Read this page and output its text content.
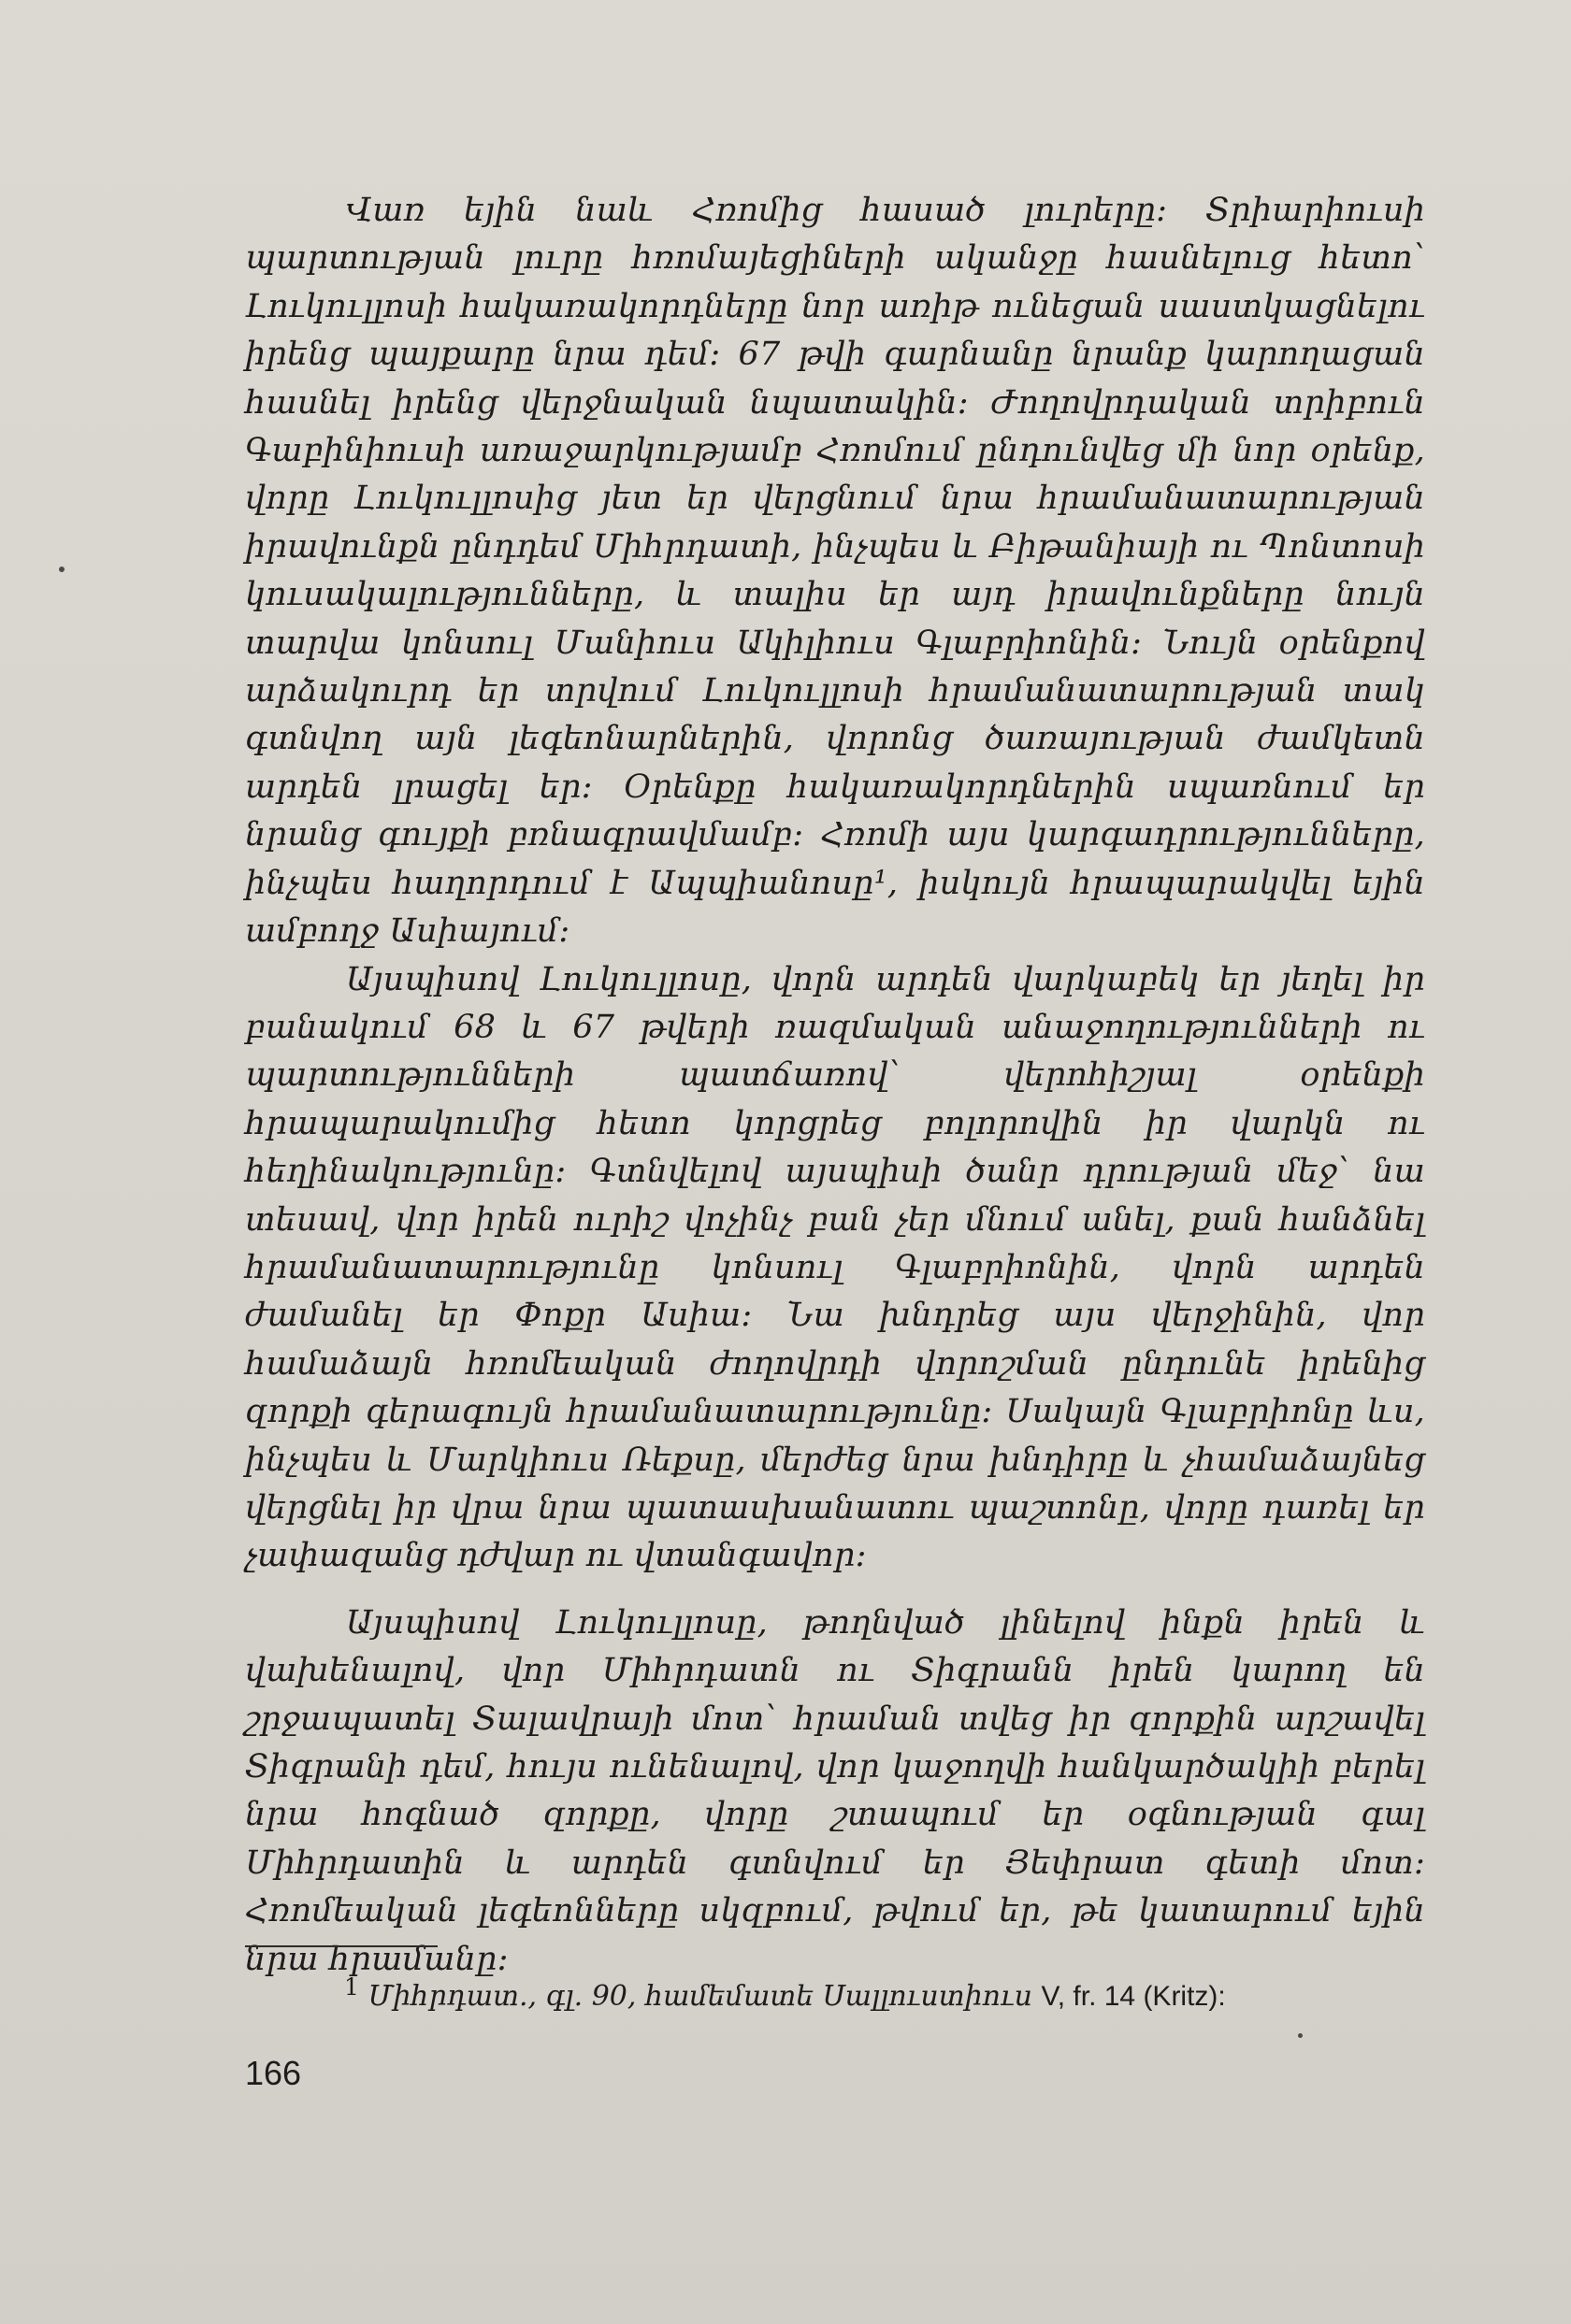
Վառ եյին նաև Հռոմից հասած լուրերը: Տրիարիուսի պարտության լուրը հռոմայեցիների ականջը հասնելուց հետո՝ Լուկուլլոսի հակառակորդները նոր առիթ ունեցան սաստկացնելու իրենց պայքարը նրա դեմ: 67 թվի գարնանը նրանք կարողացան հասնել իրենց վերջնական նպատակին: Ժողովրդական տրիբուն Գաբինիուսի առաջարկությամբ Հռոմում ընդունվեց մի նոր օրենք, վորը Լուկուլլոսից յետ եր վերցնում նրա հրամանատարության իրավունքն ընդդեմ Միհրդատի, ինչպես և Բիթանիայի ու Պոնտոսի կուսակալությունները, և տալիս եր այդ իրավունքները նույն տարվա կոնսուլ Մանիուս Ակիլիուս Գլաբրիոնին: Նույն օրենքով արձակուրդ եր տրվում Լուկուլլոսի հրամանատարության տակ գտնվող այն լեգեոնարներին, վորոնց ծառայության ժամկետն արդեն լրացել եր: Օրենքը հակառակորդներին սպառնում եր նրանց գույքի բռնագրավմամբ: Հռոմի այս կարգադրությունները, ինչպես հաղորդում է Ապպիանոսը¹, իսկույն հրապարակվել եյին ամբողջ Ասիայում:

Այսպիսով Լուկուլլոսը, վորն արդեն վարկաբեկ եր յեղել իր բանակում 68 և 67 թվերի ռազմական անաջողությունների ու պարտությունների պատճառով՝ վերոհիշյալ օրենքի հրապարակումից հետո կորցրեց բոլորովին իր վարկն ու հեղինակությունը: Գտնվելով այսպիսի ծանր դրության մեջ՝ նա տեսավ, վոր իրեն ուրիշ վոչինչ բան չեր մնում անել, քան հանձնել հրամանատարությունը կոնսուլ Գլաբրիոնին, վորն արդեն ժամանել եր Փոքր Ասիա: Նա խնդրեց այս վերջինին, վոր համաձայն հռոմեական ժողովրդի վորոշման ընդունե իրենից զորքի գերագույն հրամանատարությունը: Սակայն Գլաբրիոնը ևս, ինչպես և Մարկիուս Ռեքսը, մերժեց նրա խնդիրը և չհամաձայնեց վերցնել իր վրա նրա պատասխանատու պաշտոնը, վորը դառել եր չափազանց դժվար ու վտանգավոր:

Այսպիսով Լուկուլլոսը, թողնված լինելով ինքն իրեն և վախենալով, վոր Միհրդատն ու Տիգրանն իրեն կարող են շրջապատել Տալավրայի մոտ՝ հրաման տվեց իր զորքին արշավել Տիգրանի դեմ, հույս ունենալով, վոր կաջողվի հանկարծակիի բերել նրա հոգնած զորքը, վորը շտապում եր օգնության գալ Միհրդատին և արդեն գտնվում եր Յեփրատ գետի մոտ: Հռոմեական լեգեոնները սկզբում, թվում եր, թե կատարում եյին նրա հրամանը:

$^1$ Միհրդատ., գլ. 90, համեմատե Սալլուստիուս V, fr. 14 (Kritz):
166
